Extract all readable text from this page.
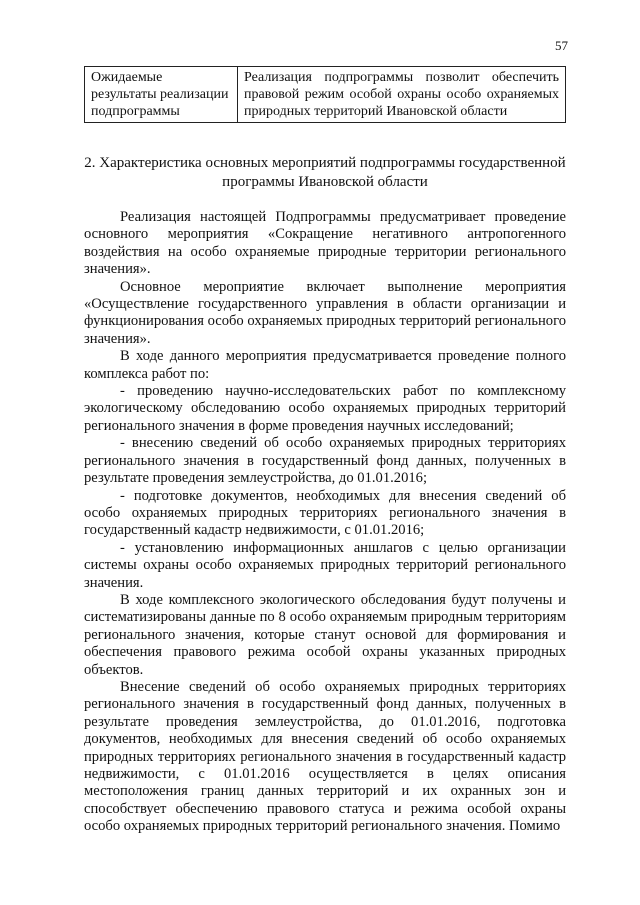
57
Ожидаемые результаты реализации подпрограммы	Реализация подпрограммы позволит обеспечить правовой режим особой охраны особо охраняемых природных территорий Ивановской области
2. Характеристика основных мероприятий подпрограммы государственной программы Ивановской области

Реализация настоящей Подпрограммы предусматривает проведение основного мероприятия «Сокращение негативного антропогенного воздействия на особо охраняемые природные территории регионального значения».

Основное мероприятие включает выполнение мероприятия «Осуществление государственного управления в области организации и функционирования особо охраняемых природных территорий регионального значения».

В ходе данного мероприятия предусматривается проведение полного комплекса работ по:

- проведению научно-исследовательских работ по комплексному экологическому обследованию особо охраняемых природных территорий регионального значения в форме проведения научных исследований;

- внесению сведений об особо охраняемых природных территориях регионального значения в государственный фонд данных, полученных в результате проведения землеустройства, до 01.01.2016;

- подготовке документов, необходимых для внесения сведений об особо охраняемых природных территориях регионального значения в государственный кадастр недвижимости, с 01.01.2016;

- установлению информационных аншлагов с целью организации системы охраны особо охраняемых природных территорий регионального значения.

В ходе комплексного экологического обследования будут получены и систематизированы данные по 8 особо охраняемым природным территориям регионального значения, которые станут основой для формирования и обеспечения правового режима особой охраны указанных природных объектов.

Внесение сведений об особо охраняемых природных территориях регионального значения в государственный фонд данных, полученных в результате проведения землеустройства, до 01.01.2016, подготовка документов, необходимых для внесения сведений об особо охраняемых природных территориях регионального значения в государственный кадастр недвижимости, с 01.01.2016 осуществляется в целях описания местоположения границ данных территорий и их охранных зон и способствует обеспечению правового статуса и режима особой охраны особо охраняемых природных территорий регионального значения. Помимо
